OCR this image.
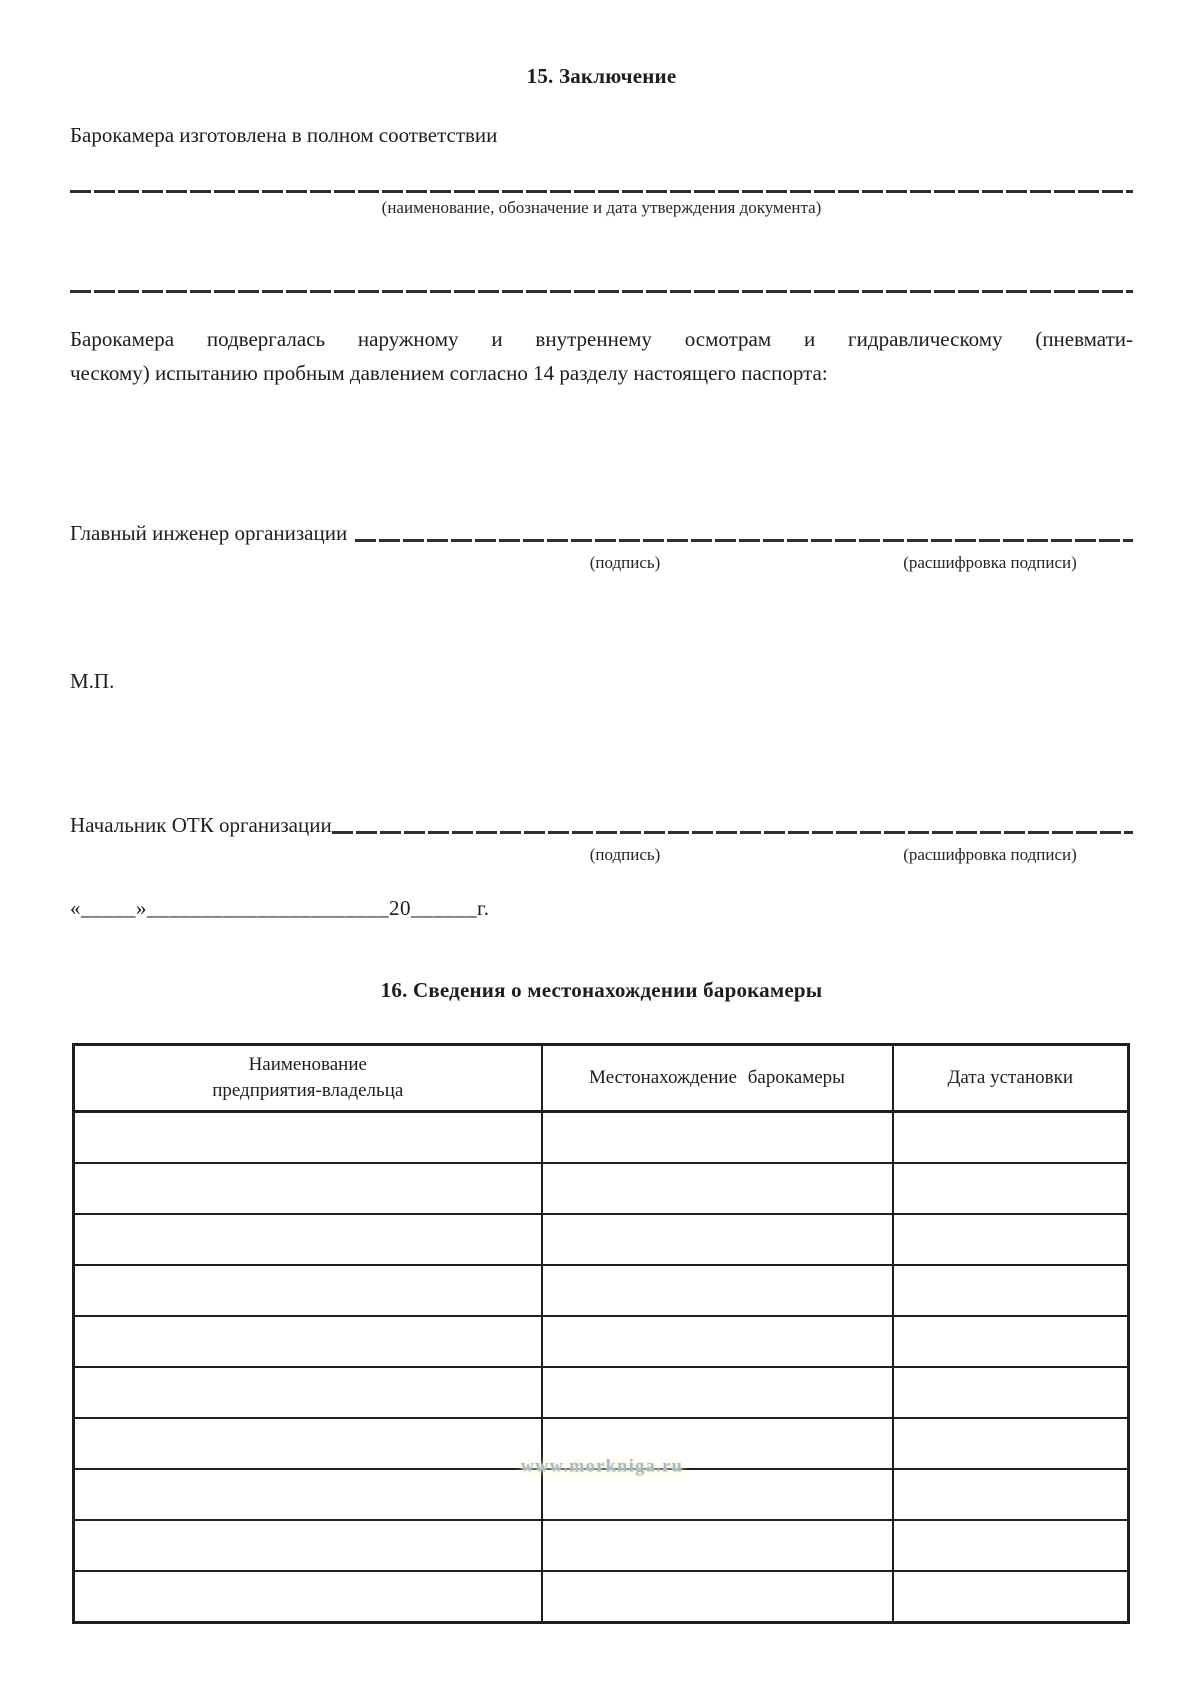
15. Заключение
Барокамера изготовлена в полном соответствии
(наименование, обозначение и дата утверждения документа)
Барокамера подвергалась наружному и внутреннему осмотрам и гидравлическому (пневмати-
ческому) испытанию пробным давлением согласно 14 разделу настоящего паспорта:
Главный инженер организации
(подпись)	(расшифровка подписи)
М.П.
Начальник ОТК организации
(подпись)	(расшифровка подписи)
«_____»______________________20______г.
16. Сведения о местонахождении барокамеры
Наименование
предприятия-владельца	Местонахождение барокамеры	Дата установки

www.morkniga.ru
